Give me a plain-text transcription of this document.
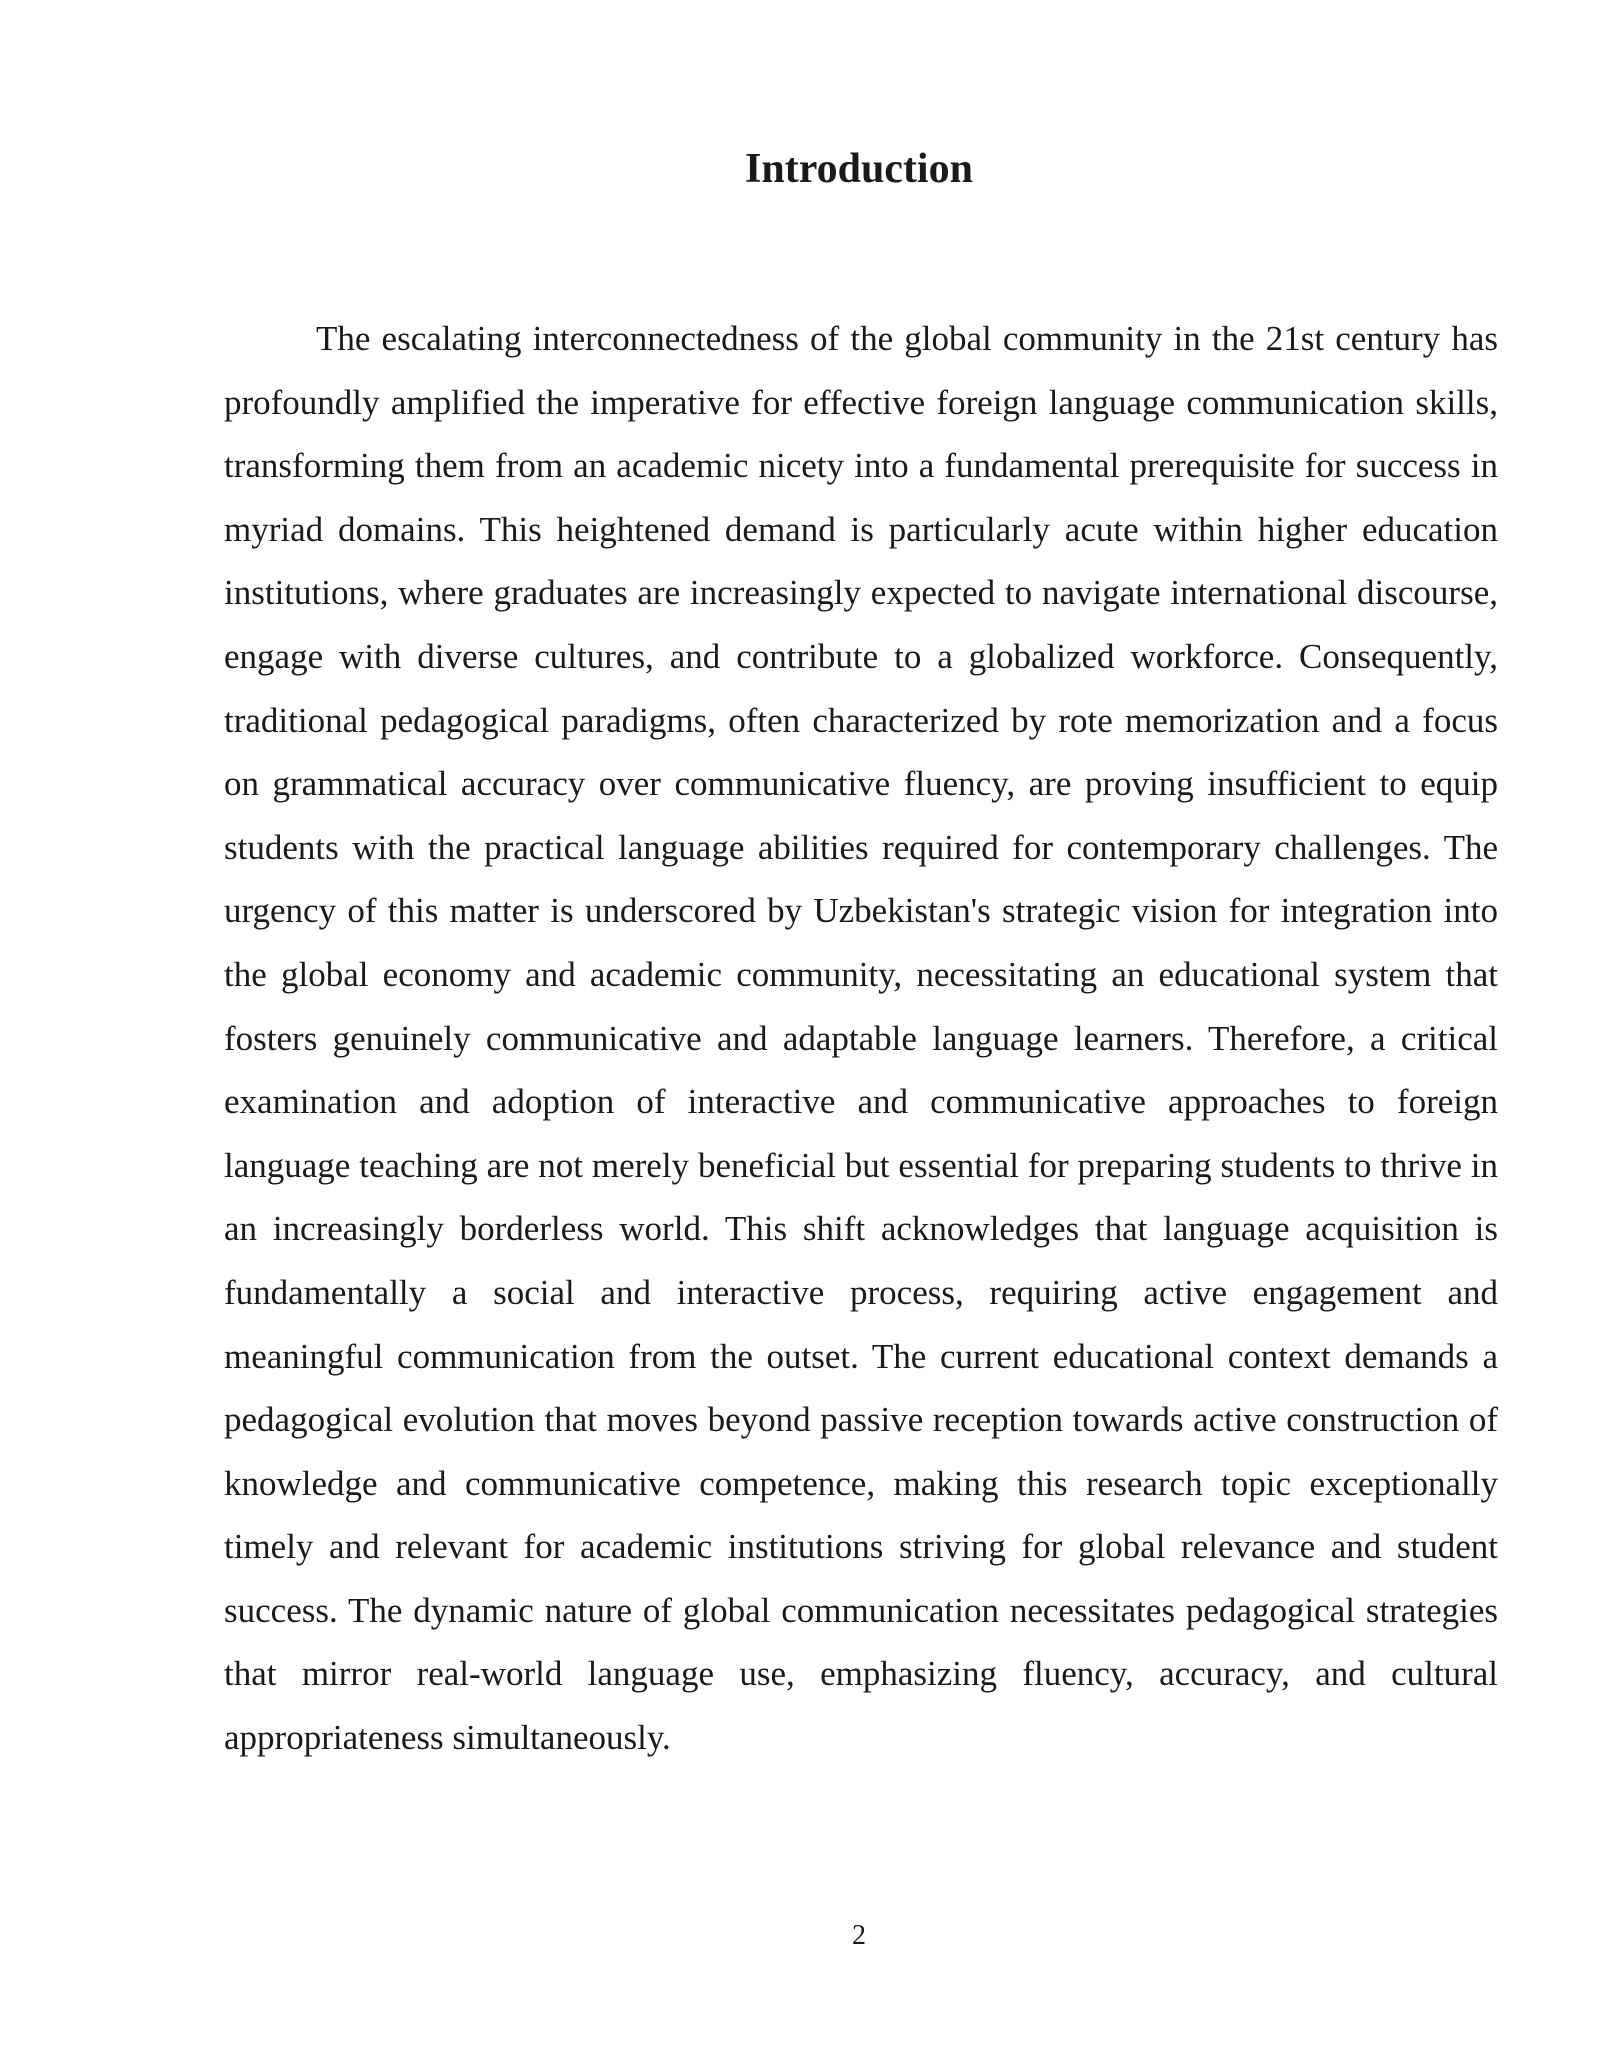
Introduction

The escalating interconnectedness of the global community in the 21st century has profoundly amplified the imperative for effective foreign language communication skills, transforming them from an academic nicety into a fundamental prerequisite for success in myriad domains. This heightened demand is particularly acute within higher education institutions, where graduates are increasingly expected to navigate international discourse, engage with diverse cultures, and contribute to a globalized workforce. Consequently, traditional pedagogical paradigms, often characterized by rote memorization and a focus on grammatical accuracy over communicative fluency, are proving insufficient to equip students with the practical language abilities required for contemporary challenges. The urgency of this matter is underscored by Uzbekistan's strategic vision for integration into the global economy and academic community, necessitating an educational system that fosters genuinely communicative and adaptable language learners. Therefore, a critical examination and adoption of interactive and communicative approaches to foreign language teaching are not merely beneficial but essential for preparing students to thrive in an increasingly borderless world. This shift acknowledges that language acquisition is fundamentally a social and interactive process, requiring active engagement and meaningful communication from the outset. The current educational context demands a pedagogical evolution that moves beyond passive reception towards active construction of knowledge and communicative competence, making this research topic exceptionally timely and relevant for academic institutions striving for global relevance and student success. The dynamic nature of global communication necessitates pedagogical strategies that mirror real-world language use, emphasizing fluency, accuracy, and cultural appropriateness simultaneously.

2
